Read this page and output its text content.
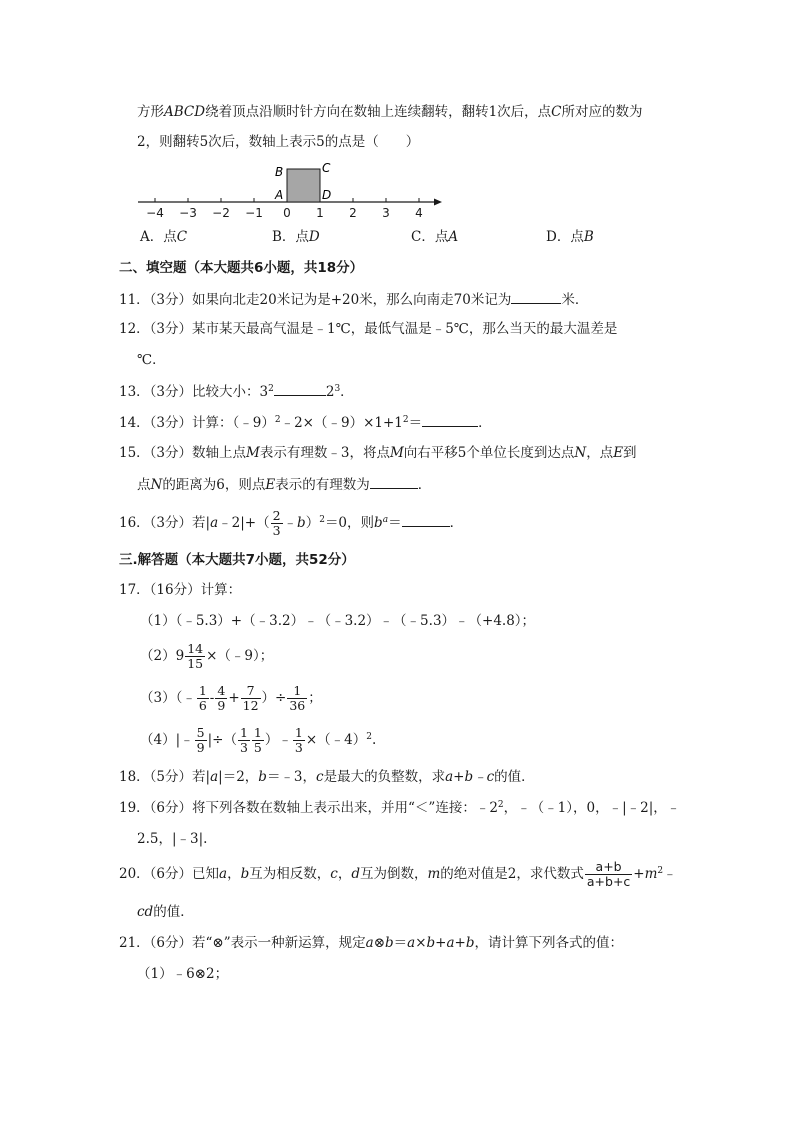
方形ABCD绕着顶点沿顺时针方向在数轴上连续翻转，翻转1次后，点C所对应的数为
2，则翻转5次后，数轴上表示5的点是（　　）
−4 −3 −2 −1 0 1 2 3 4
B
A
C
D
A．点C	B．点D	C．点A	D．点B
二、填空题（本大题共6小题，共18分）
11．（3分）如果向北走20米记为是+20米，那么向南走70米记为	米．
12．（3分）某市某天最高气温是﹣1℃，最低气温是﹣5℃，那么当天的最大温差是
℃．
13．（3分）比较大小：$3^2$	$2^3$．
14．（3分）计算：$(﹣9)^2﹣2\times(﹣9)\times 1+1^2=$	．
15．（3分）数轴上点M表示有理数﹣3，将点M向右平移5个单位长度到达点N，点E到
点N的距离为6，则点E表示的有理数为	．
16．（3分）若|a﹣2|+（ $\frac{2}{3}$ ﹣b）$^2$＝0，则$b^a=$	．
三.解答题（本大题共7小题，共52分）
17．（16分）计算：
（1）（﹣5.3）+（﹣3.2）﹣（﹣3.2）﹣（﹣5.3）﹣（+4.8）；
$(2)9 \frac{14}{15}$ ×（﹣9）；
（3）（﹣ $\frac{1}{6} - \frac{4}{9} + \frac{7}{12}$ ）÷ $\frac{1}{36}$ ；
（4）|﹣ $\frac{5}{9}$ |÷（ $\frac{1}{3} \frac{1}{5}$ ）﹣ $\frac{1}{3}$ ×（﹣4）$^2$.
18．（5分）若|a|＝2，b＝﹣3，c是最大的负整数，求a+b﹣c的值．
19．（6分）将下列各数在数轴上表示出来，并用“＜”连接：$﹣2^2$，﹣（﹣1），0，﹣|﹣2|，﹣
2.5，|﹣3|.
20．（6分）已知a，b互为相反数，c，d互为倒数，m的绝对值是2，求代数式 $\frac{a+b}{a+b+c}$ $+m^2﹣$
cd的值．
21．（6分）若“⊗”表示一种新运算，规定a⊗b＝a×b+a+b，请计算下列各式的值：
（1）﹣6⊗2；
